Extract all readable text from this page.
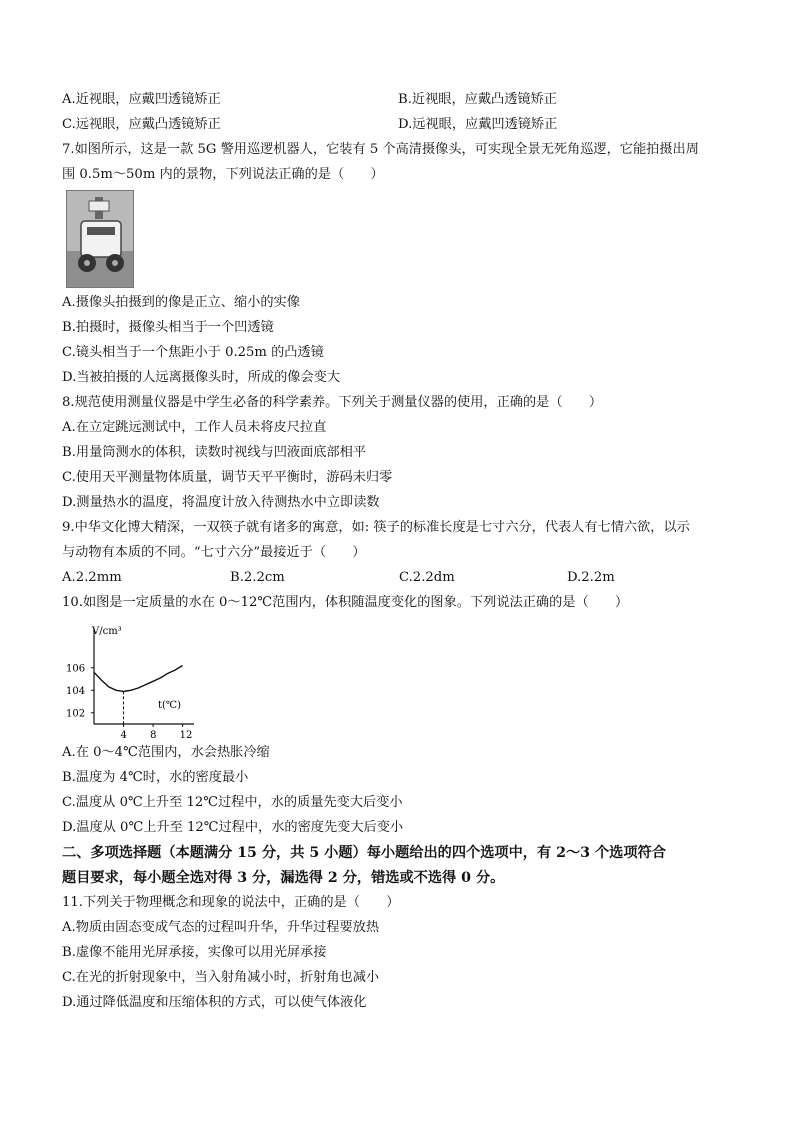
A.近视眼，应戴凹透镜矫正	B.近视眼，应戴凸透镜矫正
C.远视眼，应戴凸透镜矫正	D.远视眼，应戴凹透镜矫正
7.如图所示，这是一款 5G 警用巡逻机器人，它装有 5 个高清摄像头，可实现全景无死角巡逻，它能拍摄出周
围 0.5m～50m 内的景物，下列说法正确的是（　　）
A.摄像头拍摄到的像是正立、缩小的实像
B.拍摄时，摄像头相当于一个凹透镜
C.镜头相当于一个焦距小于 0.25m 的凸透镜
D.当被拍摄的人远离摄像头时，所成的像会变大
8.规范使用测量仪器是中学生必备的科学素养。下列关于测量仪器的使用，正确的是（　　）
A.在立定跳远测试中，工作人员未将皮尺拉直
B.用量筒测水的体积，读数时视线与凹液面底部相平
C.使用天平测量物体质量，调节天平平衡时，游码未归零
D.测量热水的温度，将温度计放入待测热水中立即读数
9.中华文化博大精深，一双筷子就有诸多的寓意，如: 筷子的标准长度是七寸六分，代表人有七情六欲，以示
与动物有本质的不同。“七寸六分”最接近于（　　）
A.2.2mm	B.2.2cm	C.2.2dm	D.2.2m
10.如图是一定质量的水在 0～12℃范围内，体积随温度变化的图象。下列说法正确的是（　　）
V/cm³
t(℃)
102
104
106
4 8 12
A.在 0～4℃范围内，水会热胀冷缩
B.温度为 4℃时，水的密度最小
C.温度从 0℃上升至 12℃过程中，水的质量先变大后变小
D.温度从 0℃上升至 12℃过程中，水的密度先变大后变小
二、多项选择题（本题满分 15 分，共 5 小题）每小题给出的四个选项中，有 2～3 个选项符合
题目要求，每小题全选对得 3 分，漏选得 2 分，错选或不选得 0 分。
11.下列关于物理概念和现象的说法中，正确的是（　　）
A.物质由固态变成气态的过程叫升华，升华过程要放热
B.虚像不能用光屏承接，实像可以用光屏承接
C.在光的折射现象中，当入射角减小时，折射角也减小
D.通过降低温度和压缩体积的方式，可以使气体液化
